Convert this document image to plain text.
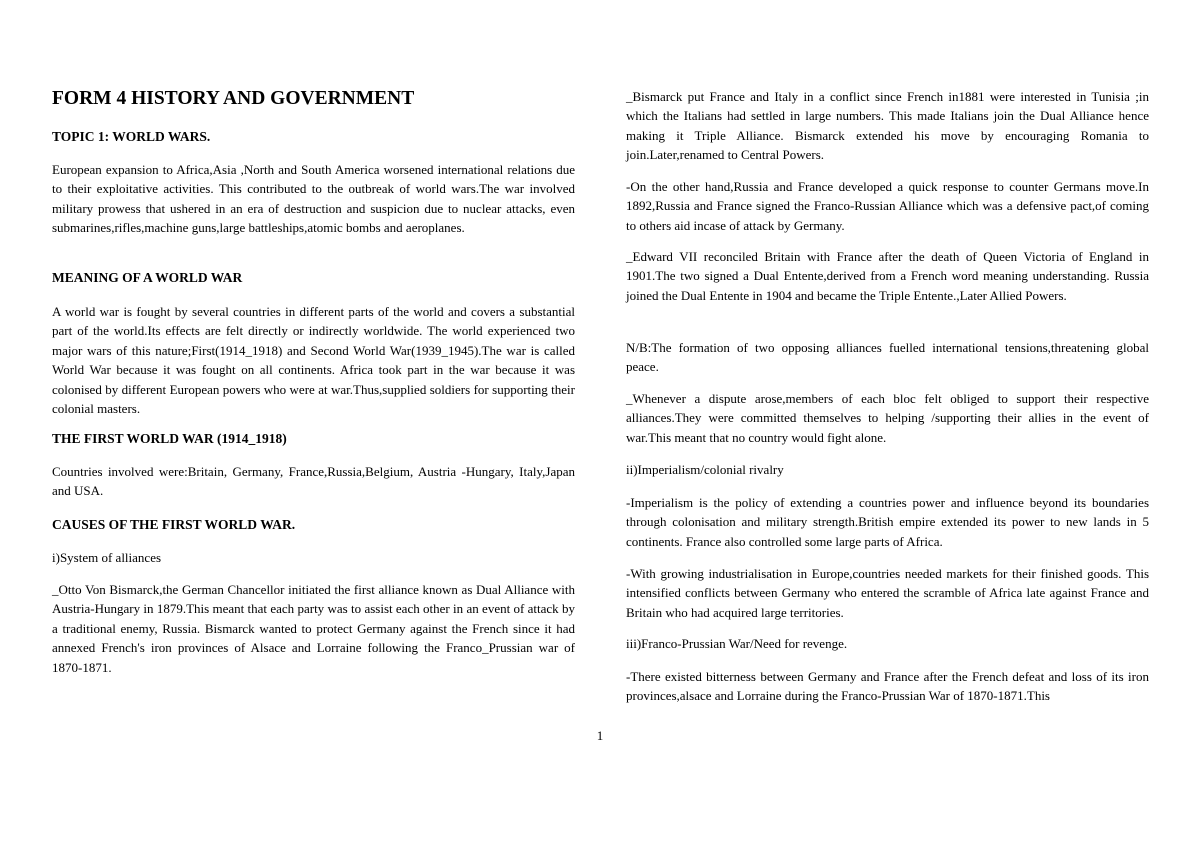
FORM 4 HISTORY AND GOVERNMENT
TOPIC 1: WORLD WARS.

European expansion to Africa,Asia ,North and South America worsened international relations due to their exploitative activities. This contributed to the outbreak of world wars.The war involved military prowess that ushered in an era of destruction and suspicion due to nuclear attacks, even submarines,rifles,machine guns,large battleships,atomic bombs and aeroplanes.

MEANING OF A WORLD WAR

A world war is fought by several countries in different parts of the world and covers a substantial part of the world.Its effects are felt directly or indirectly worldwide. The world experienced two major wars of this nature;First(1914_1918) and Second World War(1939_1945).The war is called World War because it was fought on all continents. Africa took part in the war because it was colonised by different European powers who were at war.Thus,supplied soldiers for supporting their colonial masters.

THE FIRST WORLD WAR (1914_1918)

Countries involved were:Britain, Germany, France,Russia,Belgium, Austria -Hungary, Italy,Japan and USA.

CAUSES OF THE FIRST WORLD WAR.

i)System of alliances

_Otto Von Bismarck,the German Chancellor initiated the first alliance known as Dual Alliance with Austria-Hungary in 1879.This meant that each party was to assist each other in an event of attack by a traditional enemy, Russia. Bismarck wanted to protect Germany against the French since it had annexed French's iron provinces of Alsace and Lorraine following the Franco_Prussian war of 1870-1871.

_Bismarck put France and Italy in a conflict since French in1881 were interested in Tunisia ;in which the Italians had settled in large numbers. This made Italians join the Dual Alliance hence making it Triple Alliance. Bismarck extended his move by encouraging Romania to join.Later,renamed to Central Powers.

-On the other hand,Russia and France developed a quick response to counter Germans move.In 1892,Russia and France signed the Franco-Russian Alliance which was a defensive pact,of coming to others aid incase of attack by Germany.

_Edward VII reconciled Britain with France after the death of Queen Victoria of England in 1901.The two signed a Dual Entente,derived from a French word meaning understanding. Russia joined the Dual Entente in 1904 and became the Triple Entente.,Later Allied Powers.

N/B:The formation of two opposing alliances fuelled international tensions,threatening global peace.

_Whenever a dispute arose,members of each bloc felt obliged to support their respective alliances.They were committed themselves to helping /supporting their allies in the event of war.This meant that no country would fight alone.

ii)Imperialism/colonial rivalry

-Imperialism is the policy of extending a countries power and influence beyond its boundaries through colonisation and military strength.British empire extended its power to new lands in 5 continents. France also controlled some large parts of Africa.

-With growing industrialisation in Europe,countries needed markets for their finished goods. This intensified conflicts between Germany who entered the scramble of Africa late against France and Britain who had acquired large territories.

iii)Franco-Prussian War/Need for revenge.

-There existed bitterness between Germany and France after the French defeat and loss of its iron provinces,alsace and Lorraine during the Franco-Prussian War of 1870-1871.This

1
